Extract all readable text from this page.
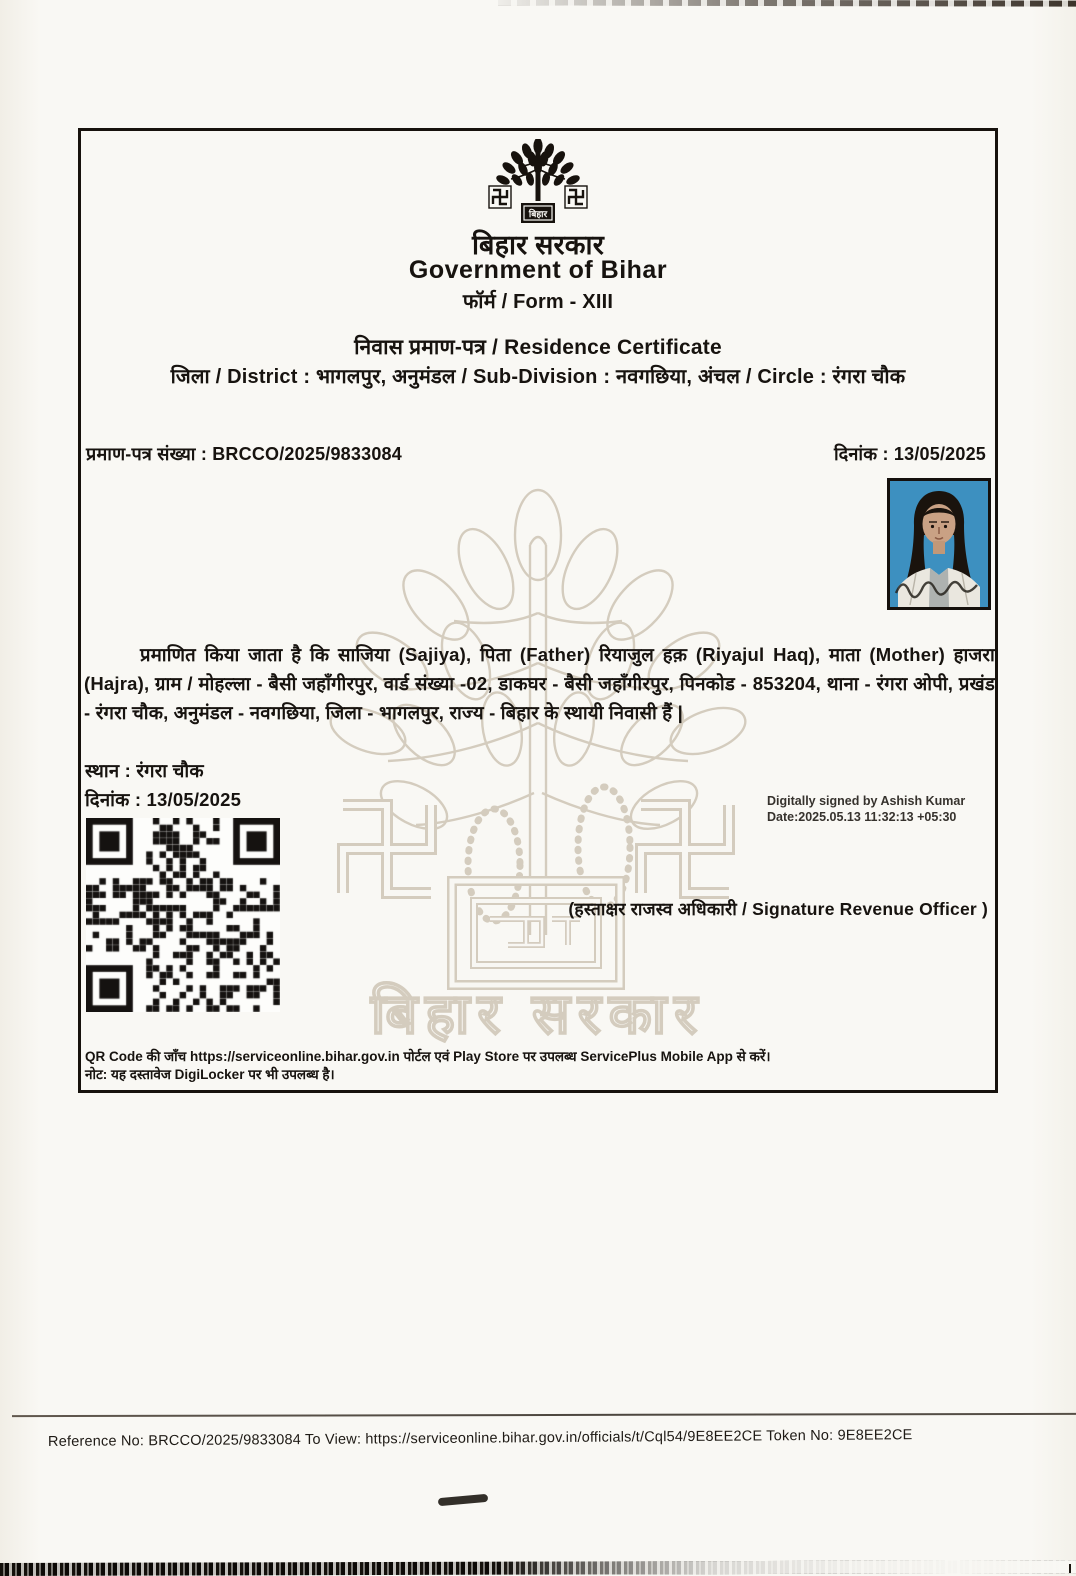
बिहार
बिहार सरकार
Government of Bihar
फॉर्म / Form - XIII
निवास प्रमाण-पत्र / Residence Certificate
जिला / District : भागलपुर, अनुमंडल / Sub-Division : नवगछिया, अंचल / Circle : रंगरा चौक
प्रमाण-पत्र संख्या : BRCCO/2025/9833084	दिनांक : 13/05/2025
बिहार सरकार
प्रमाणित किया जाता है कि साजिया (Sajiya), पिता (Father) रियाजुल हक़ (Riyajul Haq), माता (Mother) हाजरा (Hajra), ग्राम / मोहल्ला - बैसी जहाँगीरपुर, वार्ड संख्या -02, डाकघर - बैसी जहाँगीरपुर, पिनकोड - 853204, थाना - रंगरा ओपी, प्रखंड - रंगरा चौक, अनुमंडल - नवगछिया, जिला - भागलपुर, राज्य - बिहार के स्थायी निवासी हैं |
स्थान : रंगरा चौक
दिनांक : 13/05/2025	Digitally signed by Ashish Kumar
Date:2025.05.13 11:32:13 +05:30
(हस्ताक्षर राजस्व अधिकारी / Signature Revenue Officer )
QR Code की जाँच https://serviceonline.bihar.gov.in पोर्टल एवं Play Store पर उपलब्ध ServicePlus Mobile App से करें।
नोट: यह दस्तावेज DigiLocker पर भी उपलब्ध है।
Reference No: BRCCO/2025/9833084 To View: https://serviceonline.bihar.gov.in/officials/t/Cql54/9E8EE2CE Token No: 9E8EE2CE
